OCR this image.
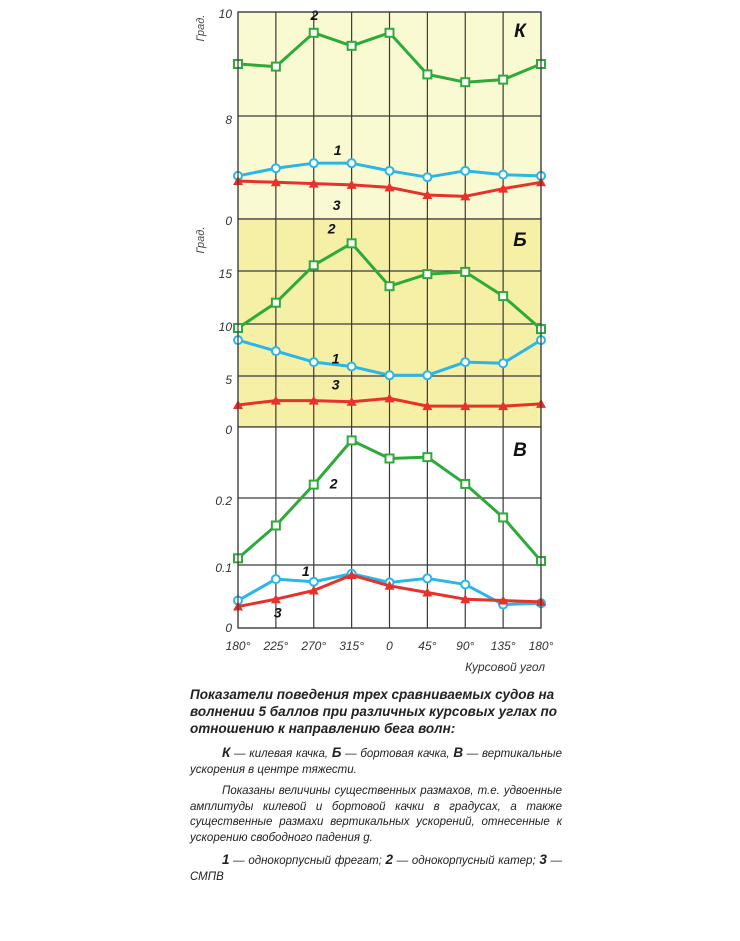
10
8
0
Град.	К
2
1
3
15
10
5
0
Град.	Б
2
1
3
0.2
0.1
0
В
2
1
3
180° 225° 270° 315° 0 45° 90° 135° 180°
Курсовой угол

Показатели поведения трех сравниваемых судов на волнении 5 баллов при различных курсовых углах по отношению к направлению бега волн:

К — килевая качка, Б — бортовая качка, В — вертикальные ускорения в центре тяжести.

Показаны величины существенных размахов, т.е. удвоенные амплитуды килевой и бортовой качки в градусах, а также существенные размахи вертикальных ускорений, отнесенные к ускорению свободного падения g.

1 — однокорпусный фрегат; 2 — однокорпусный катер; 3 — СМПВ
